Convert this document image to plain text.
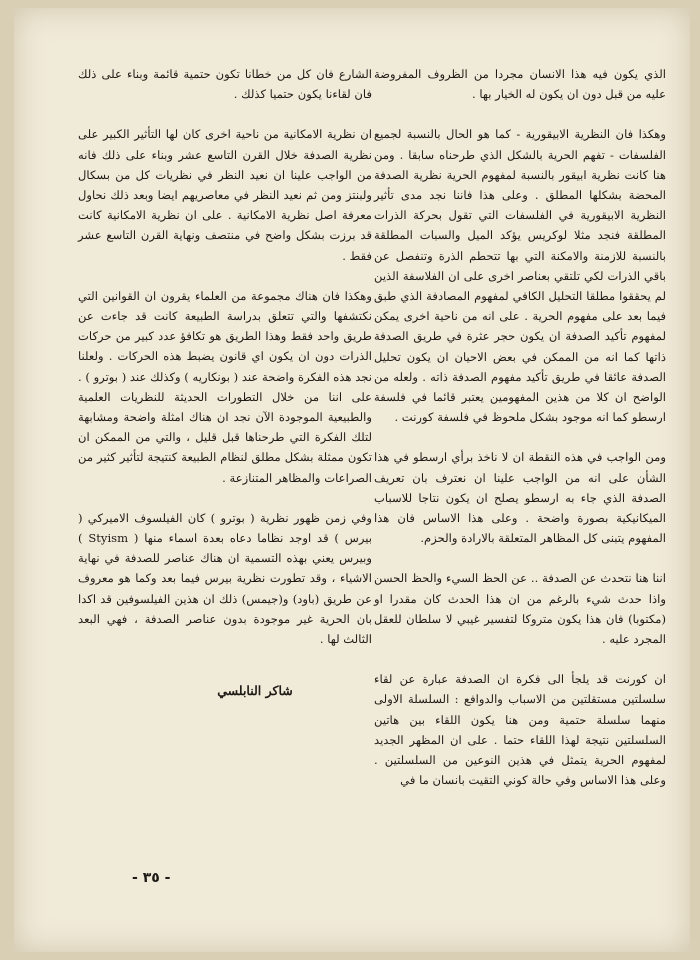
الذي يكون فيه هذا الانسان مجردا من الظروف المفروضة عليه من قبل دون ان يكون له الخيار بها .

وهكذا فان النظرية الابيقورية - كما هو الحال بالنسبة لجميع الفلسفات - تفهم الحرية بالشكل الذي طرحناه سابقا . ومن هنا كانت نظرية ابيقور بالنسبة لمفهوم الحرية نظرية الصدفة المحضة بشكلها المطلق . وعلى هذا فاننا نجد مدى تأثير النظرية الابيقورية في الفلسفات التي تقول بحركة الذرات المطلقة فنجد مثلا لوكريس يؤكد الميل والسبات المطلقة بالنسبة للازمنة والامكنة التي بها تتحطم الذرة وتنفصل عن باقي الذرات لكي تلتقي بعناصر اخرى على ان الفلاسفة الذين لم يحققوا مطلقا التحليل الكافي لمفهوم المصادفة الذي طبق فيما بعد على مفهوم الحرية . على انه من ناحية اخرى يمكن لمفهوم تأكيد الصدفة ان يكون حجر عثرة في طريق الصدفة ذاتها كما انه من الممكن في بعض الاحيان ان يكون تحليل الصدفة عائقا في طريق تأكيد مفهوم الصدفة ذاته . ولعله من الواضح ان كلا من هذين المفهومين يعتبر قائما في فلسفة ارسطو كما انه موجود بشكل ملحوظ في فلسفة كورنت .

ومن الواجب في هذه النقطة ان لا ناخذ برأي ارسطو في هذا الشأن على انه من الواجب علينا ان نعترف بان تعريف الصدفة الذي جاء به ارسطو يصلح ان يكون نتاجا للاسباب الميكانيكية بصورة واضحة . وعلى هذا الاساس فان هذا المفهوم يتبنى كل المظاهر المتعلقة بالارادة والحزم.

اننا هنا نتحدث عن الصدفة .. عن الحظ السيء والحظ الحسن واذا حدث شيء بالرغم من ان هذا الحدث كان مقدرا او (مكتوبا) فان هذا يكون متروكا لتفسير غيبي لا سلطان للعقل المجرد عليه .

ان كورنت قد يلجأ الى فكرة ان الصدفة عبارة عن لقاء سلسلتين مستقلتين من الاسباب والدوافع : السلسلة الاولى منهما سلسلة حتمية ومن هنا يكون اللقاء بين هاتين السلسلتين نتيجة لهذا اللقاء حتما . على ان المظهر الجديد لمفهوم الحرية يتمثل في هذين النوعين من السلسلتين . وعلى هذا الاساس وفي حالة كوني التقيت بانسان ما في

الشارع فان كل من خطانا تكون حتمية قائمة وبناء على ذلك فان لقاءنا يكون حتميا كذلك .

ان نظرية الامكانية من ناحية اخرى كان لها التأثير الكبير على نظرية الصدفة خلال القرن التاسع عشر وبناء على ذلك فانه من الواجب علينا ان نعيد النظر في نظريات كل من بسكال ولبنتز ومن ثم نعيد النظر في معاصريهم ايضا وبعد ذلك نحاول معرفة اصل نظرية الامكانية . على ان نظرية الامكانية كانت قد برزت بشكل واضح في منتصف ونهاية القرن التاسع عشر فقط .

وهكذا فان هناك مجموعة من العلماء يقرون ان القوانين التي نكتشفها والتي تتعلق بدراسة الطبيعة كانت قد جاءت عن طريق واحد فقط وهذا الطريق هو تكافؤ عدد كبير من حركات الذرات دون ان يكون اي قانون يضبط هذه الحركات . ولعلنا نجد هذه الفكرة واضحة عند ( بونكاريه ) وكذلك عند ( بوترو ) . على اننا من خلال التطورات الحديثة للنظريات العلمية والطبيعية الموجودة الآن نجد ان هناك امثلة واضحة ومشابهة لتلك الفكرة التي طرحناها قبل قليل ، والتي من الممكن ان تكون ممثلة بشكل مطلق لنظام الطبيعة كنتيجة لتأثير كثير من الصراعات والمظاهر المتنازعة .

وفي زمن ظهور نظرية ( بوترو ) كان الفيلسوف الاميركي ( بيرس ) قد اوجد نظاما دعاه بعدة اسماء منها ( Styism ) وبيرس يعني بهذه التسمية ان هناك عناصر للصدفة في نهاية الاشياء ، وقد تطورت نظرية بيرس فيما بعد وكما هو معروف عن طريق (باود) و(جيمس) ذلك ان هذين الفيلسوفين قد اكدا بان الحرية غير موجودة بدون عناصر الصدفة ، فهي البعد الثالث لها .

شاكر النابلسي
- ٣٥ -
